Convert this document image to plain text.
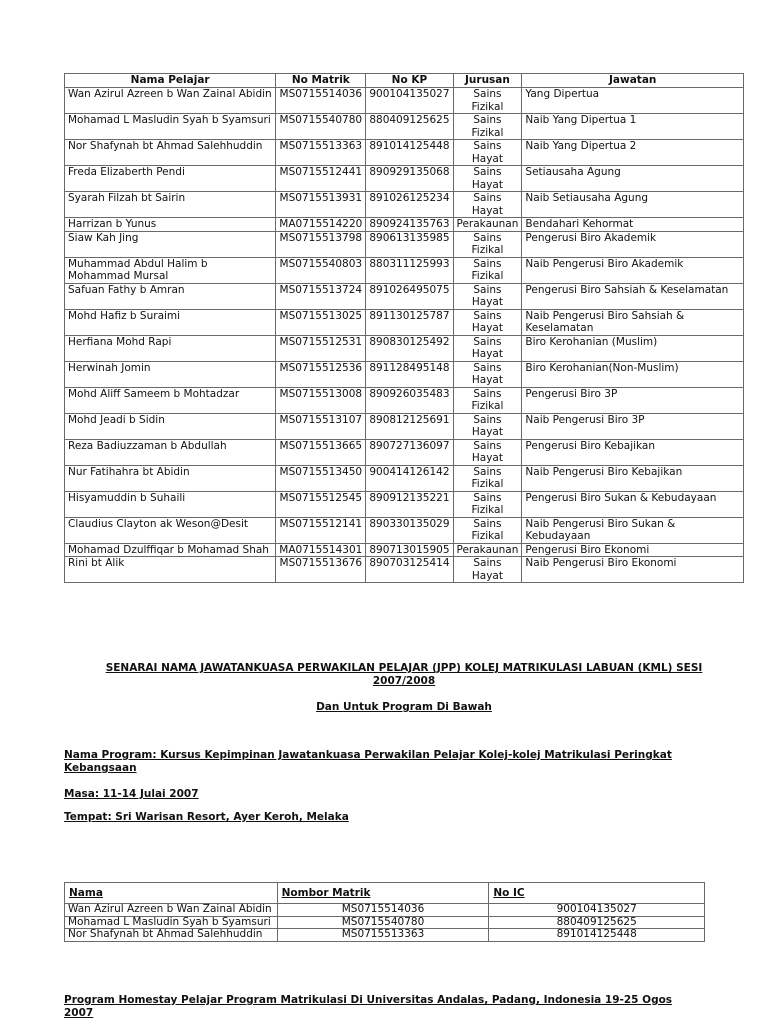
Nama Pelajar	No Matrik	No KP	Jurusan	Jawatan
Wan Azirul Azreen b Wan Zainal Abidin	MS0715514036	900104135027	Sains Fizikal	Yang Dipertua
Mohamad L Masludin Syah b Syamsuri	MS0715540780	880409125625	Sains Fizikal	Naib Yang Dipertua 1
Nor Shafynah bt Ahmad Salehhuddin	MS0715513363	891014125448	Sains Hayat	Naib Yang Dipertua 2
Freda Elizaberth Pendi	MS0715512441	890929135068	Sains Hayat	Setiausaha Agung
Syarah Filzah bt Sairin	MS0715513931	891026125234	Sains Hayat	Naib Setiausaha Agung
Harrizan b Yunus	MA0715514220	890924135763	Perakaunan	Bendahari Kehormat
Siaw Kah Jing	MS0715513798	890613135985	Sains Fizikal	Pengerusi Biro Akademik
Muhammad Abdul Halim b Mohammad Mursal	MS0715540803	880311125993	Sains Fizikal	Naib Pengerusi Biro Akademik
Safuan Fathy b Amran	MS0715513724	891026495075	Sains Hayat	Pengerusi Biro Sahsiah & Keselamatan
Mohd Hafiz b Suraimi	MS0715513025	891130125787	Sains Hayat	Naib Pengerusi Biro Sahsiah & Keselamatan
Herfiana Mohd Rapi	MS0715512531	890830125492	Sains Hayat	Biro Kerohanian (Muslim)
Herwinah Jomin	MS0715512536	891128495148	Sains Hayat	Biro Kerohanian(Non-Muslim)
Mohd Aliff Sameem b Mohtadzar	MS0715513008	890926035483	Sains Fizikal	Pengerusi Biro 3P
Mohd Jeadi b Sidin	MS0715513107	890812125691	Sains Hayat	Naib Pengerusi Biro 3P
Reza Badiuzzaman b Abdullah	MS0715513665	890727136097	Sains Hayat	Pengerusi Biro Kebajikan
Nur Fatihahra bt Abidin	MS0715513450	900414126142	Sains Fizikal	Naib Pengerusi Biro Kebajikan
Hisyamuddin b Suhaili	MS0715512545	890912135221	Sains Fizikal	Pengerusi Biro Sukan & Kebudayaan
Claudius Clayton ak Weson@Desit	MS0715512141	890330135029	Sains Fizikal	Naib Pengerusi Biro Sukan & Kebudayaan
Mohamad Dzulffiqar b Mohamad Shah	MA0715514301	890713015905	Perakaunan	Pengerusi Biro Ekonomi
Rini bt Alik	MS0715513676	890703125414	Sains Hayat	Naib Pengerusi Biro Ekonomi
SENARAI NAMA JAWATANKUASA PERWAKILAN PELAJAR (JPP) KOLEJ MATRIKULASI LABUAN (KML) SESI
2007/2008
Dan Untuk Program Di Bawah
Nama Program: Kursus Kepimpinan Jawatankuasa Perwakilan Pelajar Kolej-kolej Matrikulasi Peringkat
Kebangsaan
Masa: 11-14 Julai 2007
Tempat: Sri Warisan Resort, Ayer Keroh, Melaka
Nama	Nombor Matrik	No IC
Wan Azirul Azreen b Wan Zainal Abidin	MS0715514036	900104135027
Mohamad L Masludin Syah b Syamsuri	MS0715540780	880409125625
Nor Shafynah bt Ahmad Salehhuddin	MS0715513363	891014125448
Program Homestay Pelajar Program Matrikulasi Di Universitas Andalas, Padang, Indonesia 19-25 Ogos
2007
